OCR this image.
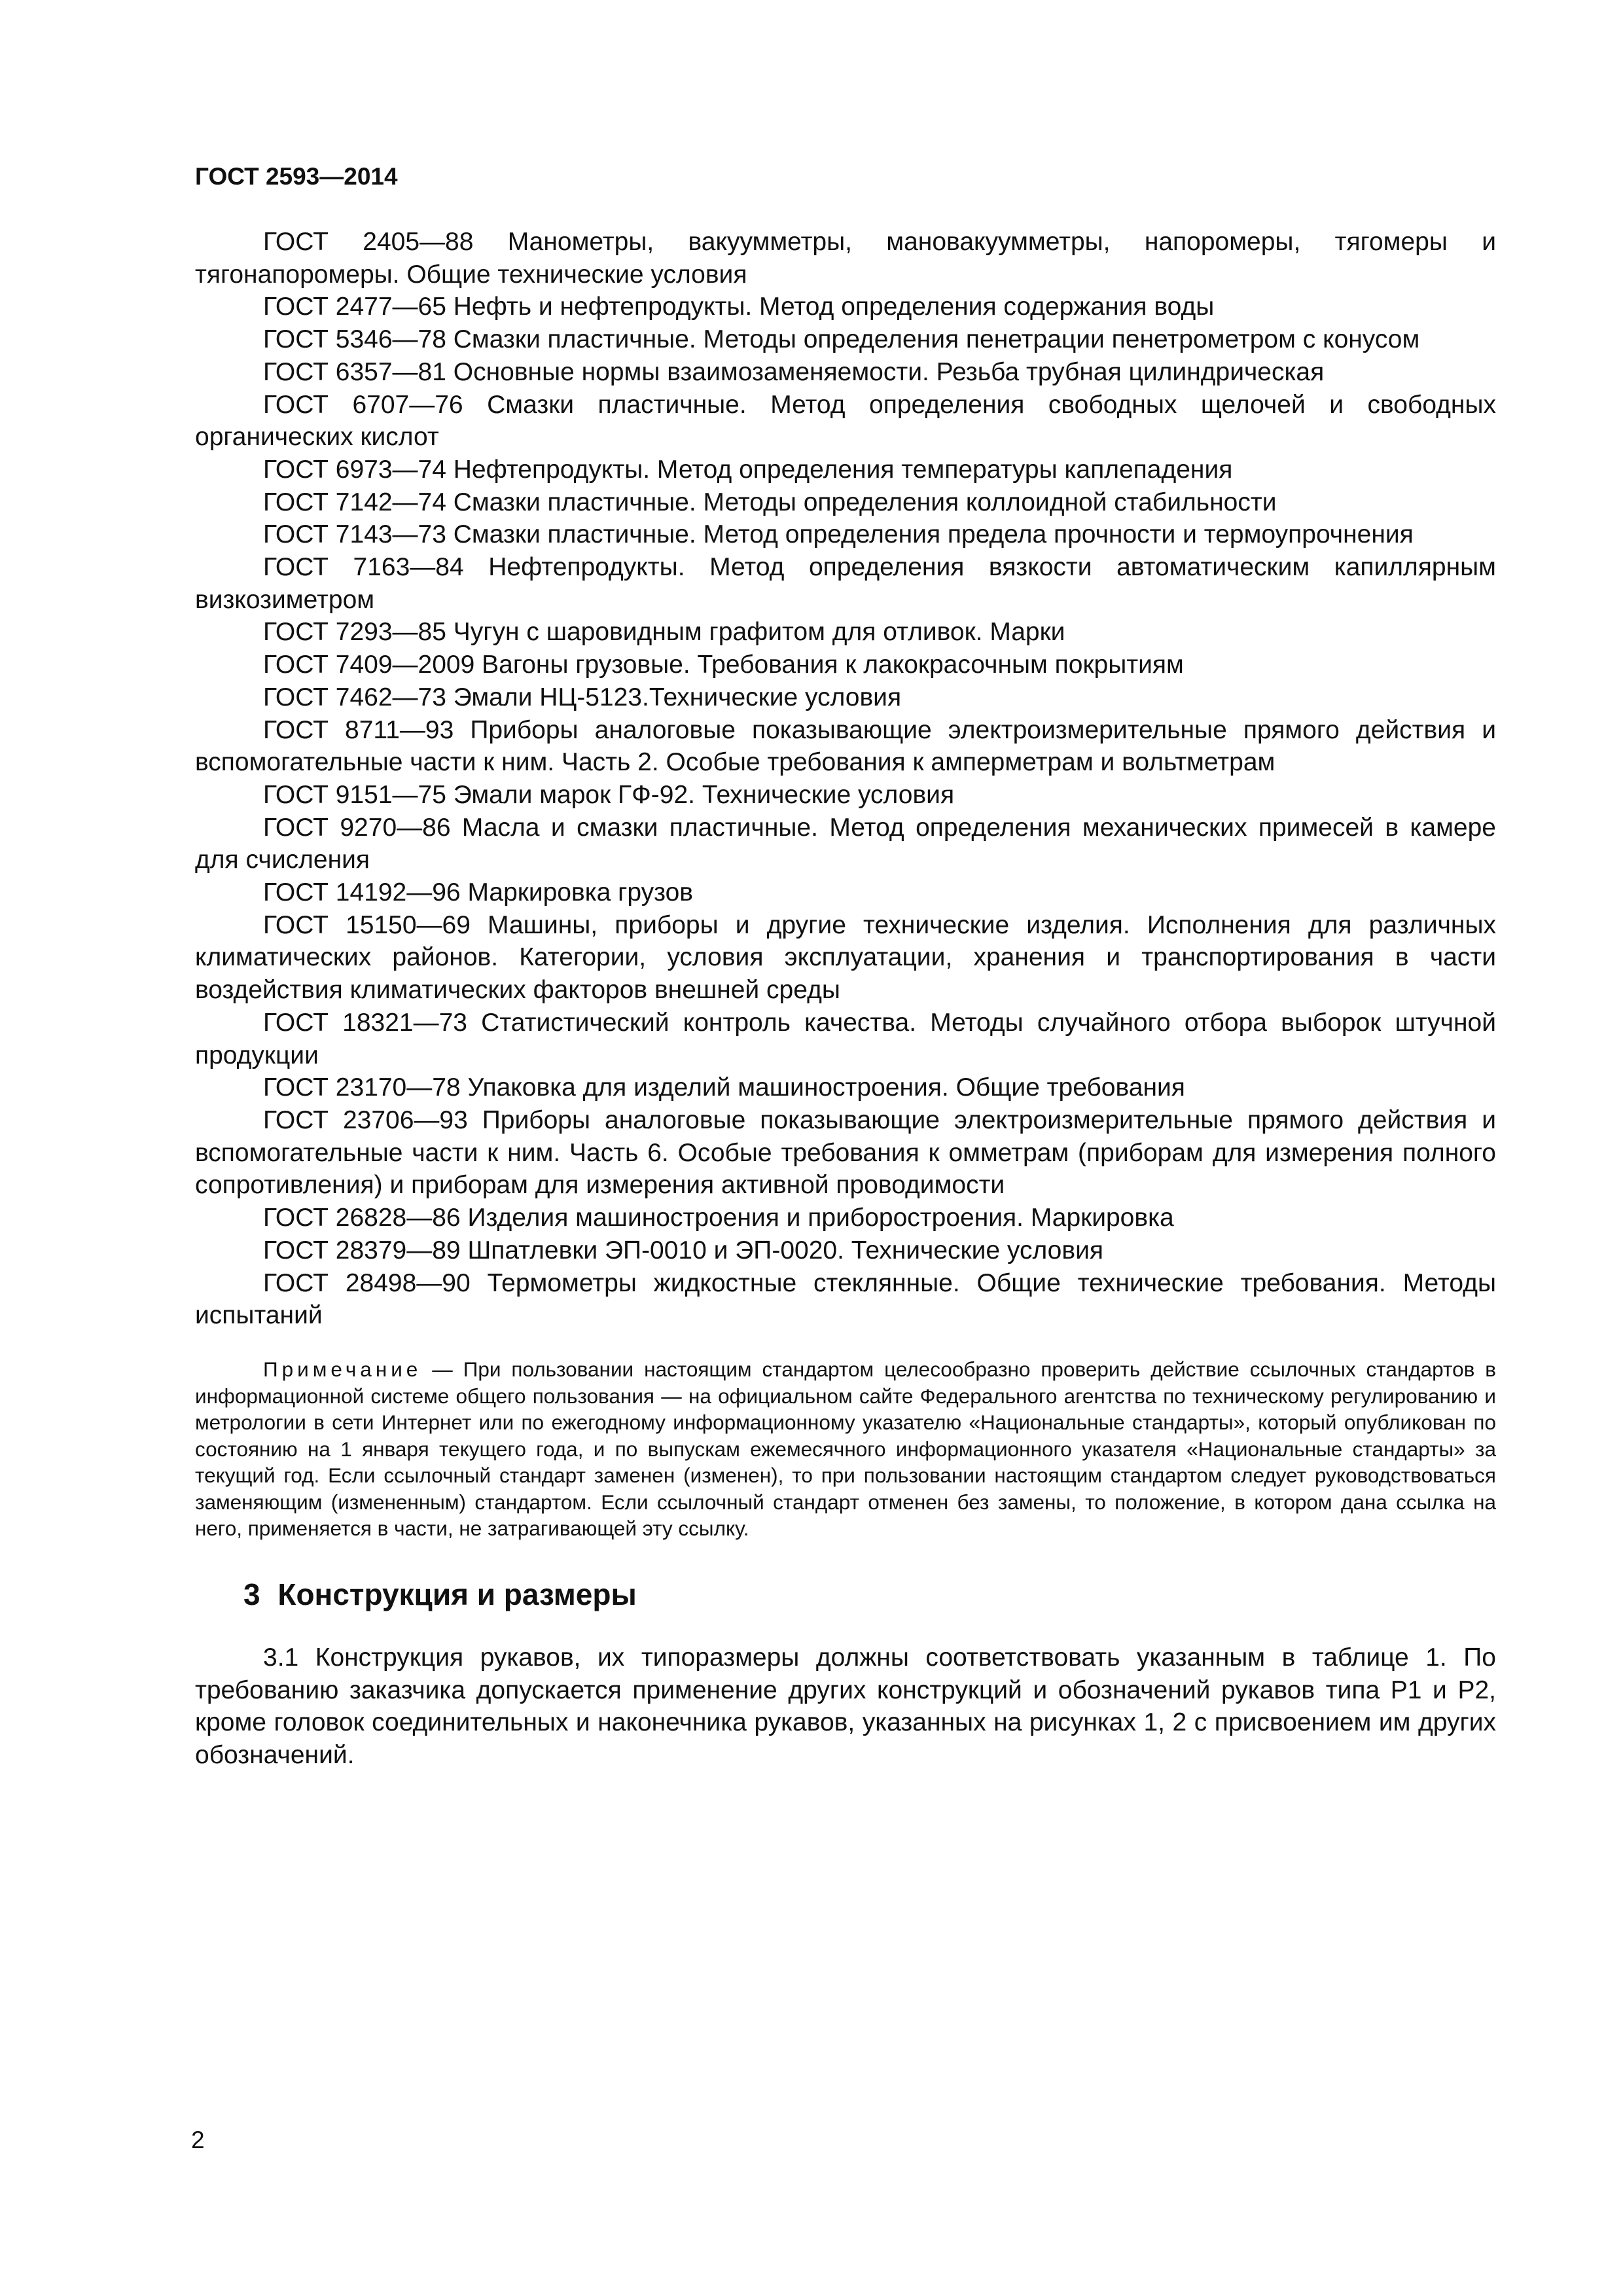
ГОСТ 2593—2014

ГОСТ 2405—88 Манометры, вакуумметры, мановакуумметры, напоромеры, тягомеры и тягонапоромеры. Общие технические условия

ГОСТ 2477—65 Нефть и нефтепродукты. Метод определения содержания воды

ГОСТ 5346—78 Смазки пластичные. Методы определения пенетрации пенетрометром с конусом

ГОСТ 6357—81 Основные нормы взаимозаменяемости. Резьба трубная цилиндрическая

ГОСТ 6707—76 Смазки пластичные. Метод определения свободных щелочей и свободных органических кислот

ГОСТ 6973—74 Нефтепродукты. Метод определения температуры каплепадения

ГОСТ 7142—74 Смазки пластичные. Методы определения коллоидной стабильности

ГОСТ 7143—73 Смазки пластичные. Метод определения предела прочности и термоупрочнения

ГОСТ 7163—84 Нефтепродукты. Метод определения вязкости автоматическим капиллярным визкозиметром

ГОСТ 7293—85 Чугун с шаровидным графитом для отливок. Марки

ГОСТ 7409—2009 Вагоны грузовые. Требования к лакокрасочным покрытиям

ГОСТ 7462—73 Эмали НЦ-5123.Технические условия

ГОСТ 8711—93 Приборы аналоговые показывающие электроизмерительные прямого действия и вспомогательные части к ним. Часть 2. Особые требования к амперметрам и вольтметрам

ГОСТ 9151—75 Эмали марок ГФ-92. Технические условия

ГОСТ 9270—86 Масла и смазки пластичные. Метод определения механических примесей в камере для счисления

ГОСТ 14192—96 Маркировка грузов

ГОСТ 15150—69 Машины, приборы и другие технические изделия. Исполнения для различных климатических районов. Категории, условия эксплуатации, хранения и транспортирования в части воздействия климатических факторов внешней среды

ГОСТ 18321—73 Статистический контроль качества. Методы случайного отбора выборок штучной продукции

ГОСТ 23170—78 Упаковка для изделий машиностроения. Общие требования

ГОСТ 23706—93 Приборы аналоговые показывающие электроизмерительные прямого действия и вспомогательные части к ним. Часть 6. Особые требования к омметрам (приборам для измерения полного сопротивления) и приборам для измерения активной проводимости

ГОСТ 26828—86 Изделия машиностроения и приборостроения. Маркировка

ГОСТ 28379—89 Шпатлевки ЭП-0010 и ЭП-0020. Технические условия

ГОСТ 28498—90 Термометры жидкостные стеклянные. Общие технические требования. Методы испытаний

Примечание — При пользовании настоящим стандартом целесообразно проверить действие ссылочных стандартов в информационной системе общего пользования — на официальном сайте Федерального агентства по техническому регулированию и метрологии в сети Интернет или по ежегодному информационному указателю «Национальные стандарты», который опубликован по состоянию на 1 января текущего года, и по выпускам ежемесячного информационного указателя «Национальные стандарты» за текущий год. Если ссылочный стандарт заменен (изменен), то при пользовании настоящим стандартом следует руководствоваться заменяющим (измененным) стандартом. Если ссылочный стандарт отменен без замены, то положение, в котором дана ссылка на него, применяется в части, не затрагивающей эту ссылку.

3 Конструкция и размеры

3.1 Конструкция рукавов, их типоразмеры должны соответствовать указанным в таблице 1. По требованию заказчика допускается применение других конструкций и обозначений рукавов типа Р1 и Р2, кроме головок соединительных и наконечника рукавов, указанных на рисунках 1, 2 с присвоением им других обозначений.

2
